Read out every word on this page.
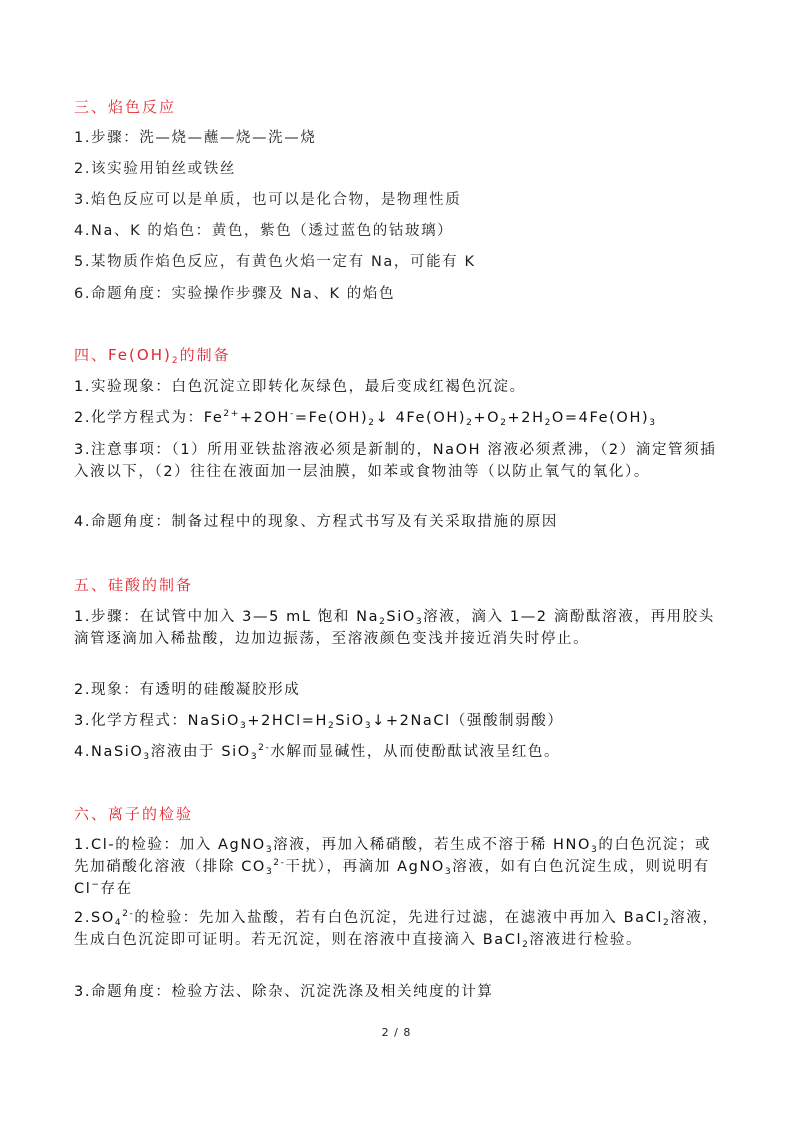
三、焰色反应
1.步骤：洗—烧—蘸—烧—洗—烧
2.该实验用铂丝或铁丝
3.焰色反应可以是单质，也可以是化合物，是物理性质
4.Na、K 的焰色：黄色，紫色（透过蓝色的钴玻璃）
5.某物质作焰色反应，有黄色火焰一定有 Na，可能有 K
6.命题角度：实验操作步骤及 Na、K 的焰色
四、$Fe(OH)_2$的制备
1.实验现象：白色沉淀立即转化灰绿色，最后变成红褐色沉淀。
2.化学方程式为：$Fe^{2+}+2OH^-=Fe(OH)_2↓$ $4Fe(OH)_2+O_2+2H_2O=4Fe(OH)_3$
3.注意事项：（1）所用亚铁盐溶液必须是新制的，NaOH 溶液必须煮沸，（2）滴定管须插入液以下，（2）往往在液面加一层油膜，如苯或食物油等（以防止氧气的氧化）。
4.命题角度：制备过程中的现象、方程式书写及有关采取措施的原因
五、硅酸的制备
1.步骤：在试管中加入 3—5 mL 饱和 $Na_2SiO_3$溶液，滴入 1—2 滴酚酞溶液，再用胶头滴管逐滴加入稀盐酸，边加边振荡，至溶液颜色变浅并接近消失时停止。
2.现象：有透明的硅酸凝胶形成
3.化学方程式：$NaSiO_3+2HCl=H_2SiO_3↓+2NaCl$（强酸制弱酸）
4.NaSiO$_3$溶液由于 SiO$_3^{2-}$水解而显碱性，从而使酚酞试液呈红色。
六、离子的检验
1.Cl-的检验：加入 AgNO$_3$溶液，再加入稀硝酸，若生成不溶于稀 $HNO_3$的白色沉淀；或先加硝酸化溶液（排除 $CO_3^{2-}$干扰），再滴加 AgNO$_3$溶液，如有白色沉淀生成，则说明有 Cl−存在
$2.SO_4^{2-}$的检验：先加入盐酸，若有白色沉淀，先进行过滤，在滤液中再加入 BaCl$_2$溶液，生成白色沉淀即可证明。若无沉淀，则在溶液中直接滴入 BaCl$_2$溶液进行检验。
3.命题角度：检验方法、除杂、沉淀洗涤及相关纯度的计算
2 / 8
